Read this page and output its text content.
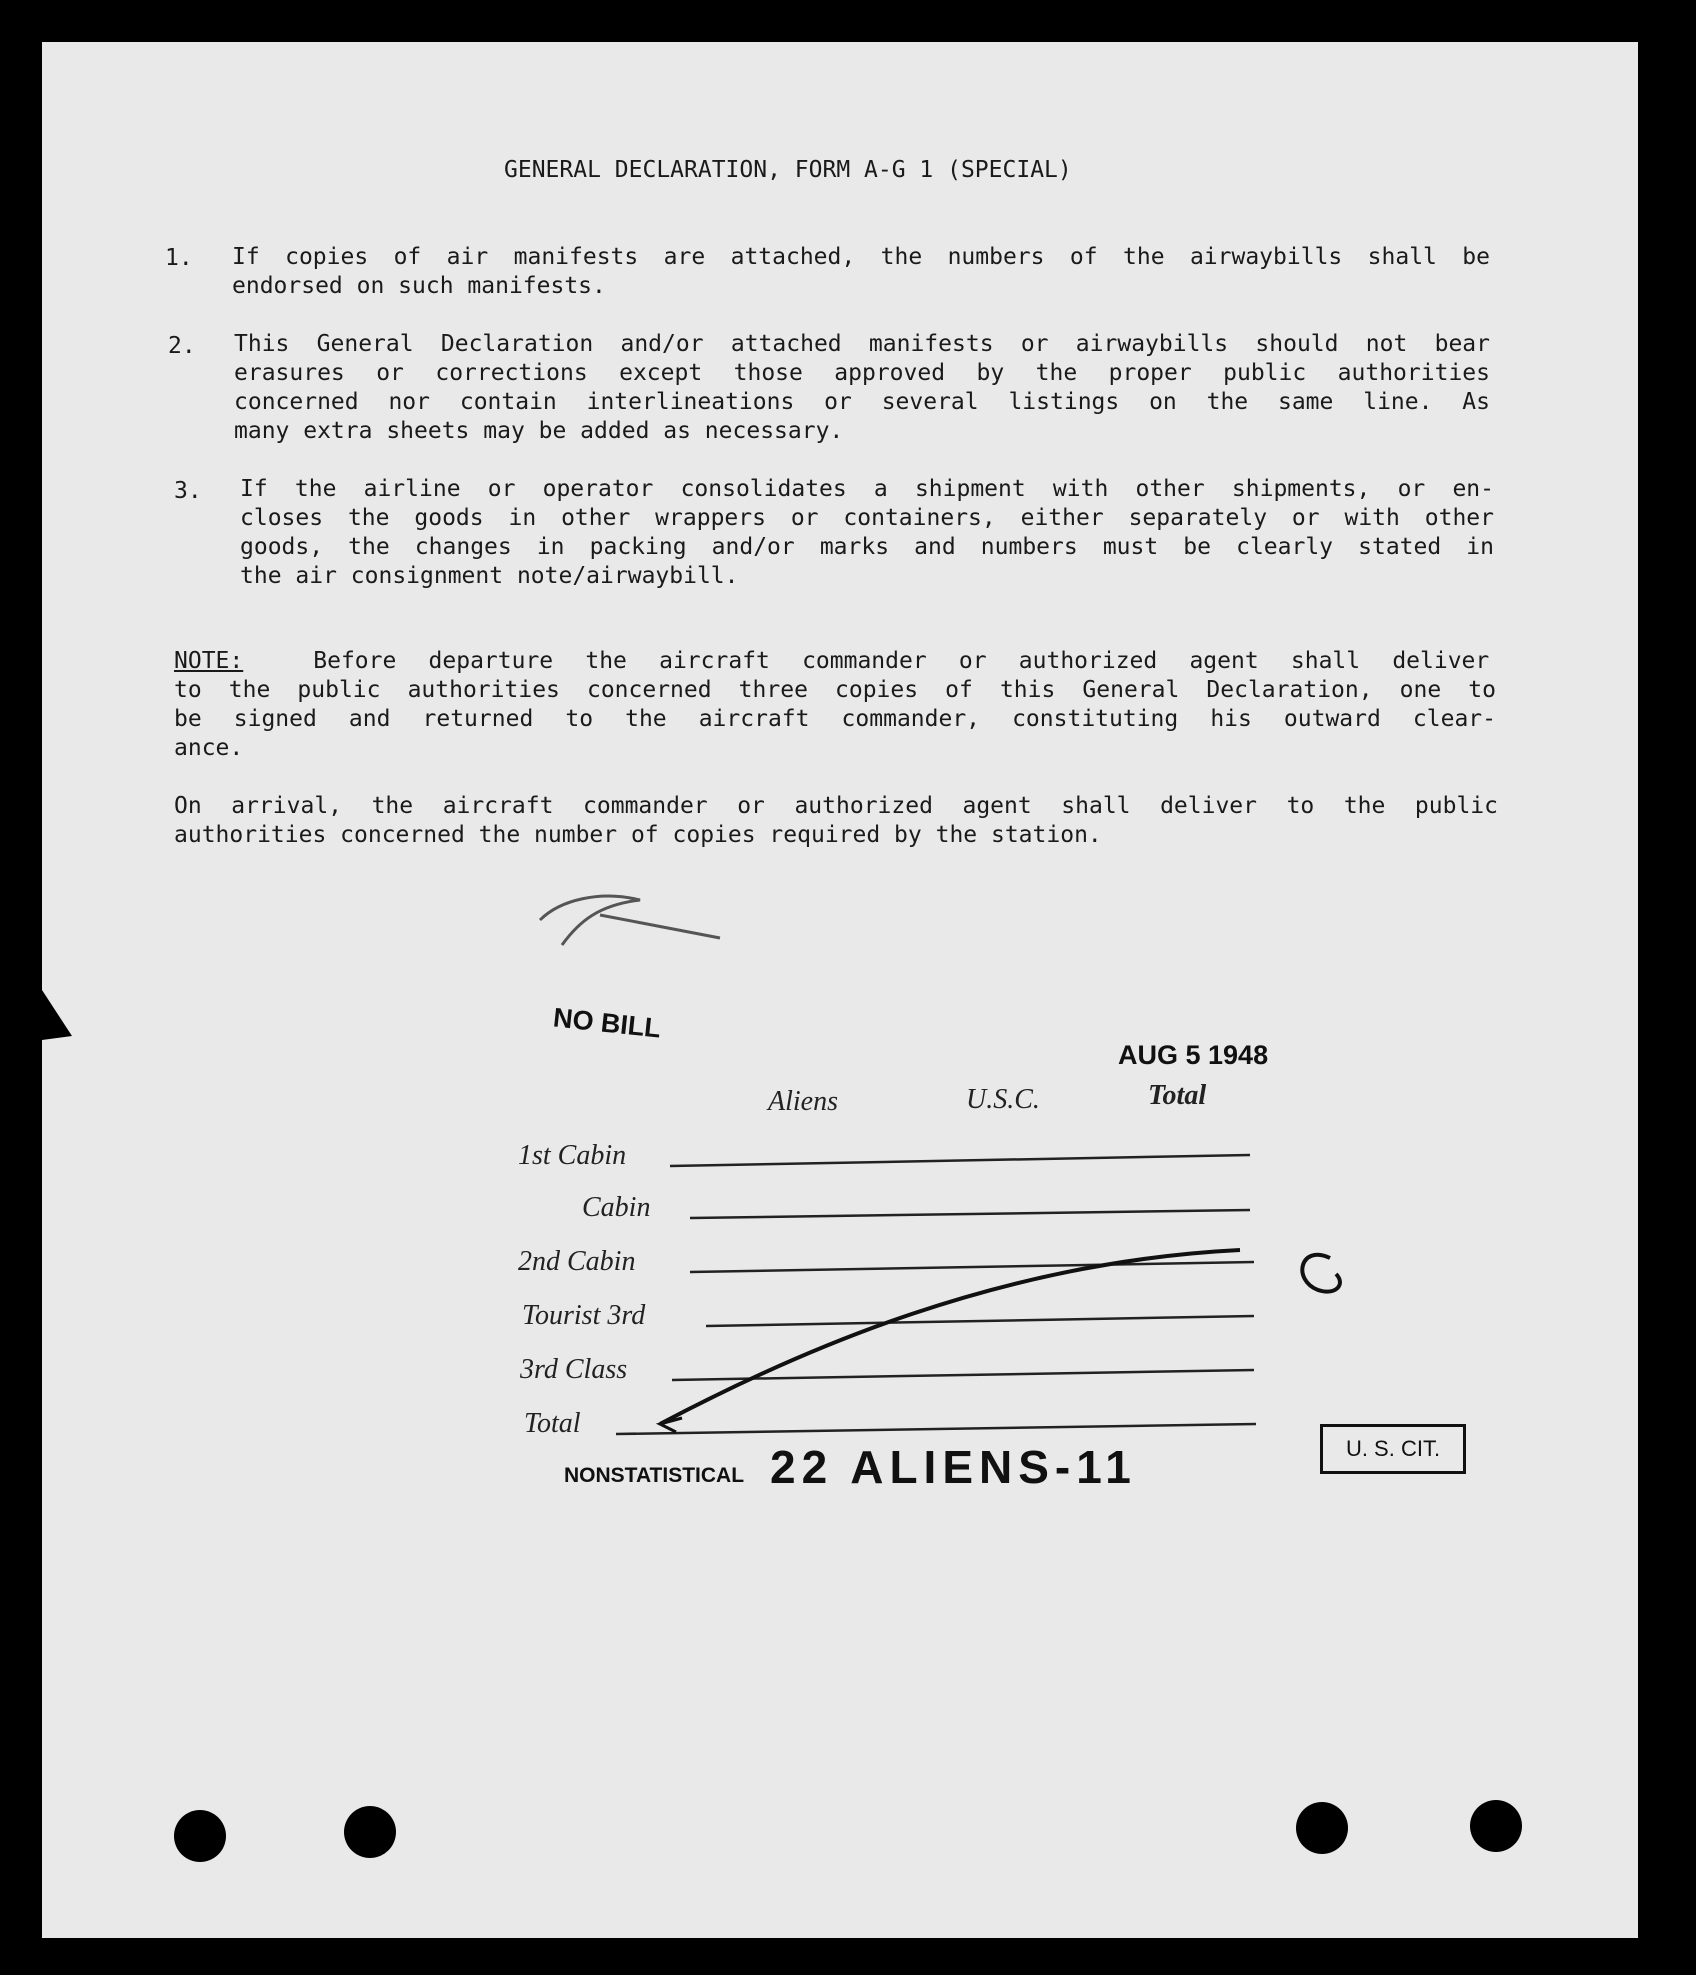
GENERAL DECLARATION, FORM A-G 1 (SPECIAL)
1. If copies of air manifests are attached, the numbers of the airwaybills shall be
endorsed on such manifests.
2. This General Declaration and/or attached manifests or airwaybills should not bear
erasures or corrections except those approved by the proper public authorities
concerned nor contain interlineations or several listings on the same line. As
many extra sheets may be added as necessary.
3. If the airline or operator consolidates a shipment with other shipments, or en-
closes the goods in other wrappers or containers, either separately or with other
goods, the changes in packing and/or marks and numbers must be clearly stated in
the air consignment note/airwaybill.
NOTE:	Before departure the aircraft commander or authorized agent shall deliver
to the public authorities concerned three copies of this General Declaration, one to
be signed and returned to the aircraft commander, constituting his outward clear-
ance.
On arrival, the aircraft commander or authorized agent shall deliver to the public
authorities concerned the number of copies required by the station.
NO BILL
AUG 5 1948
Aliens	U.S.C.	Total
1st Cabin
Cabin
2nd Cabin
Tourist 3rd
3rd Class
Total
NONSTATISTICAL 22 ALIENS-11	U. S. CIT.
